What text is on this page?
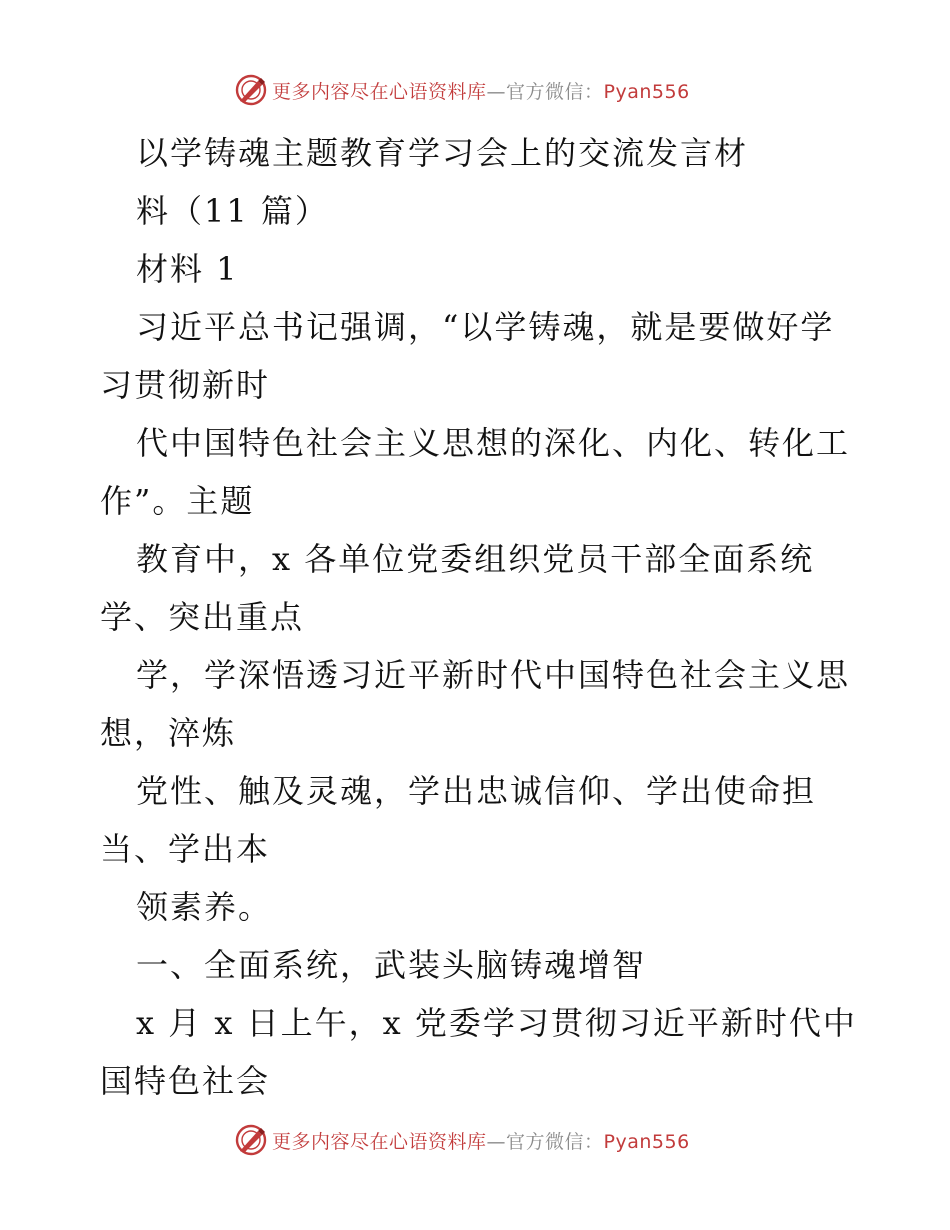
更多内容尽在心语资料库—官方微信：Pyan556
以学铸魂主题教育学习会上的交流发言材
料（11 篇）
材料 1
习近平总书记强调，“以学铸魂，就是要做好学
习贯彻新时
代中国特色社会主义思想的深化、内化、转化工
作”。主题
教育中，x 各单位党委组织党员干部全面系统
学、突出重点
学，学深悟透习近平新时代中国特色社会主义思
想，淬炼
党性、触及灵魂，学出忠诚信仰、学出使命担
当、学出本
领素养。
一、全面系统，武装头脑铸魂增智
x 月 x 日上午，x 党委学习贯彻习近平新时代中
国特色社会
更多内容尽在心语资料库—官方微信：Pyan556
